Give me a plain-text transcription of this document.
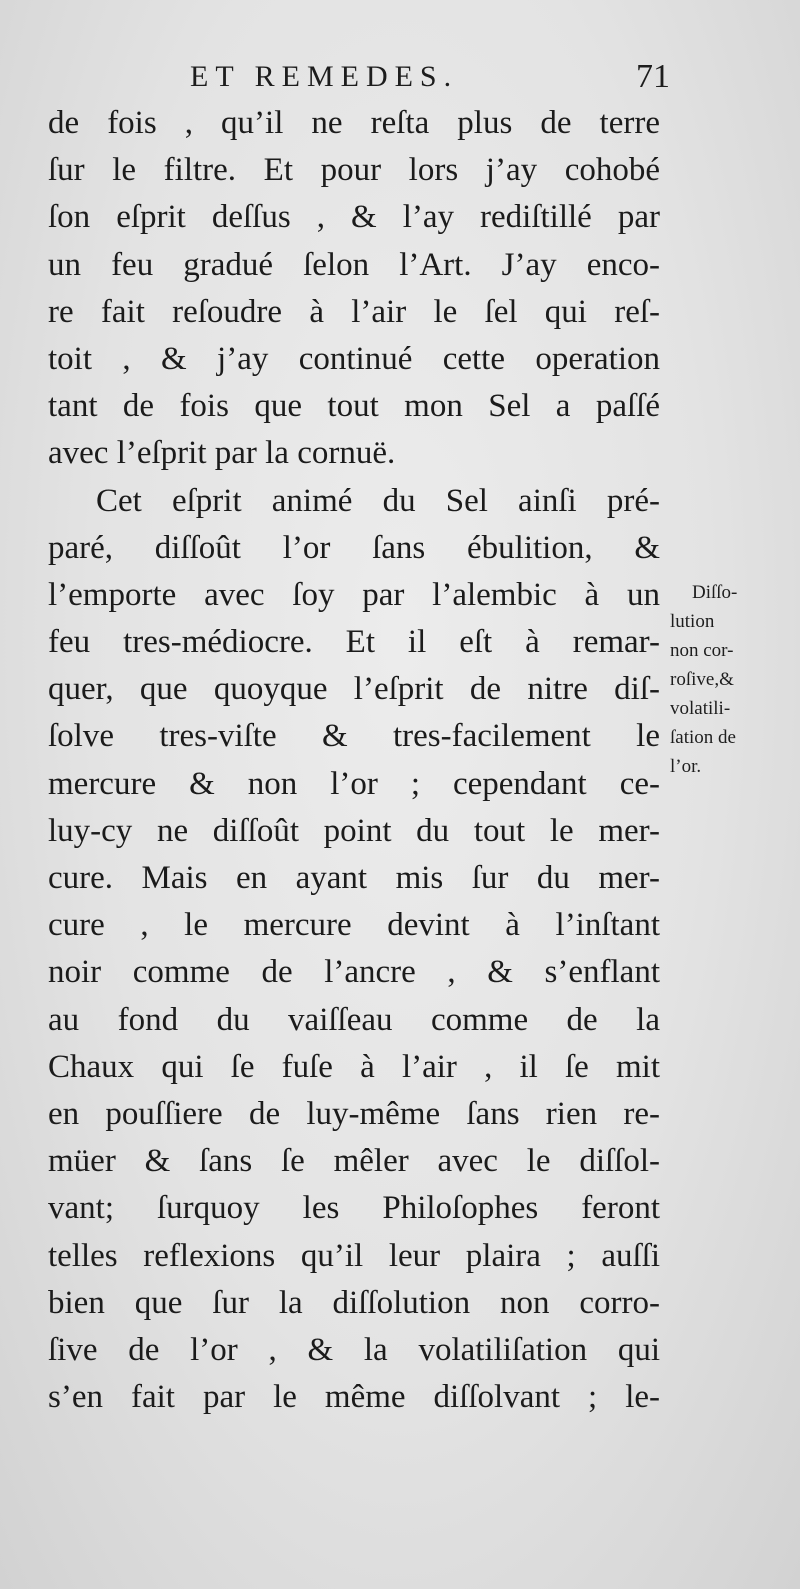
ET REMEDES.	71
de fois , qu’il ne reſta plus de terre
ſur le filtre. Et pour lors j’ay cohobé
ſon eſprit deſſus , & l’ay rediſtillé par
un feu gradué ſelon l’Art. J’ay enco-
re fait reſoudre à l’air le ſel qui reſ-
toit , & j’ay continué cette operation
tant de fois que tout mon Sel a paſſé
avec l’eſprit par la cornuë.
Cet eſprit animé du Sel ainſi pré-
paré, diſſoût l’or ſans ébulition, &
l’emporte avec ſoy par l’alembic à un
feu tres-médiocre. Et il eſt à remar-
quer, que quoyque l’eſprit de nitre diſ-
ſolve tres-viſte & tres-facilement le
mercure & non l’or ; cependant ce-
luy-cy ne diſſoût point du tout le mer-
cure. Mais en ayant mis ſur du mer-
cure , le mercure devint à l’inſtant
noir comme de l’ancre , & s’enflant
au fond du vaiſſeau comme de la
Chaux qui ſe fuſe à l’air , il ſe mit
en pouſſiere de luy-même ſans rien re-
müer & ſans ſe mêler avec le diſſol-
vant; ſurquoy les Philoſophes feront
telles reflexions qu’il leur plaira ; auſſi
bien que ſur la diſſolution non corro-
ſive de l’or , & la volatiliſation qui
s’en fait par le même diſſolvant ; le-
Diſſo-
lution
non cor-
roſive,&
volatili-
ſation de
l’or.
